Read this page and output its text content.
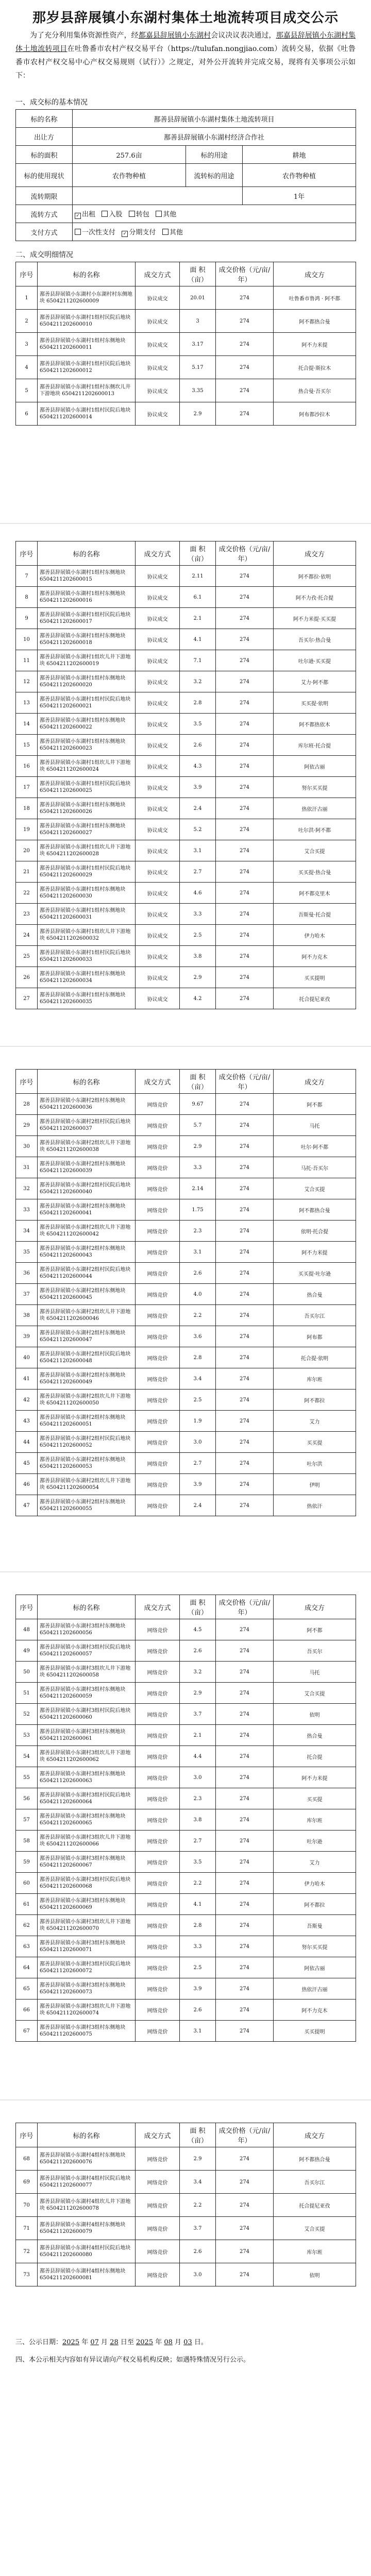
那岁县辞展镇小东湖村集体土地流转项目成交公示
为了充分利用集体资源性资产，经都嘉县辞展镇小东湖村会议决议表决通过，那嘉县辞展镇小东湖村集体土地流转项目在吐鲁番市农村产权交易平台（https://tulufan.nongjiao.com）流转交易，依据《吐鲁番市农村产权交易中心产权交易规则（试行）》之规定，对外公开流转并完成交易，现将有关事项公示如下：
一、成交标的基本情况
标的名称	鄯善县辞展镇小东湖村集体土地流转项目		
出让方	鄯善县辞展镇小东湖村经济合作社		
标的面积	257.6亩	标的用途	耕地
标的使用现状	农作物种植	流转标的用途	农作物种植
流转期限			1年
流转方式	✓ 出租 入股 转包 其他		
支付方式	一次性支付 ✓ 分期支付 其他		
二、成交明细情况
序号	标的名称	成交方式	面 积（亩）	成交价格（元/亩/年）	成交方
1	鄯善县辞展镇小东湖村小东湖村村东侧地块 6504211202600009	协议成交	20.01	274	吐鲁番市鲁鸿 · 阿不都
2	鄯善县辞展镇小东湖村1组村民院后地块 6504211202600010	协议成交	3	274	阿不都热合曼
3	鄯善县辞展镇小东湖村1组村东侧地块 6504211202600011	协议成交	3.17	274	阿不力米提
4	鄯善县辞展镇小东湖村1组村民院后地块 6504211202600012	协议成交	5.17	274	托合提·斯拉木
5	鄯善县辞展镇小东湖村1组村东侧坎儿井下游地块 6504211202600013	协议成交	3.35	274	热合曼·吾买尔
6	鄯善县辞展镇小东湖村1组村民院后地块 6504211202600014	协议成交	2.9	274	阿布都沙拉木
序号	标的名称	成交方式	面 积（亩）	成交价格（元/亩/年）	成交方
7	鄯善县辞展镇小东湖村1组村东侧地块 6504211202600015	协议成交	2.11	274	阿不都拉·依明
8	鄯善县辞展镇小东湖村1组村东侧地块 6504211202600016	协议成交	6.1	274	阿不力孜·托合提
9	鄯善县辞展镇小东湖村1组村民院后地块 6504211202600017	协议成交	2.1	274	阿不力米提·买买提
10	鄯善县辞展镇小东湖村1组村东侧地块 6504211202600018	协议成交	4.1	274	吾买尔·热合曼
11	鄯善县辞展镇小东湖村1组坎儿井下游地块 6504211202600019	协议成交	7.1	274	吐尔逊·买买提
12	鄯善县辞展镇小东湖村1组村东侧地块 6504211202600020	协议成交	3.2	274	艾力·阿不都
13	鄯善县辞展镇小东湖村1组村民院后地块 6504211202600021	协议成交	2.8	274	买买提·依明
14	鄯善县辞展镇小东湖村1组村东侧地块 6504211202600022	协议成交	3.5	274	阿不都热依木
15	鄯善县辞展镇小东湖村1组村东侧地块 6504211202600023	协议成交	2.6	274	库尔班·托合提
16	鄯善县辞展镇小东湖村1组坎儿井下游地块 6504211202600024	协议成交	4.3	274	阿依古丽
17	鄯善县辞展镇小东湖村1组村民院后地块 6504211202600025	协议成交	3.9	274	努尔买买提
18	鄯善县辞展镇小东湖村1组村东侧地块 6504211202600026	协议成交	2.4	274	热依汗古丽
19	鄯善县辞展镇小东湖村1组村东侧地块 6504211202600027	协议成交	5.2	274	吐尔洪·阿不都
20	鄯善县辞展镇小东湖村1组坎儿井下游地块 6504211202600028	协议成交	3.1	274	艾合买提
21	鄯善县辞展镇小东湖村1组村民院后地块 6504211202600029	协议成交	2.7	274	买买提·热合曼
22	鄯善县辞展镇小东湖村1组村东侧地块 6504211202600030	协议成交	4.6	274	阿不都克里木
23	鄯善县辞展镇小东湖村1组村东侧地块 6504211202600031	协议成交	3.3	274	吾斯曼·托合提
24	鄯善县辞展镇小东湖村1组坎儿井下游地块 6504211202600032	协议成交	2.5	274	伊力哈木
25	鄯善县辞展镇小东湖村1组村民院后地块 6504211202600033	协议成交	3.8	274	阿不力克木
26	鄯善县辞展镇小东湖村1组村东侧地块 6504211202600034	协议成交	2.9	274	买买提明
27	鄯善县辞展镇小东湖村1组村东侧地块 6504211202600035	协议成交	4.2	274	托合提尼亚孜
序号	标的名称	成交方式	面 积（亩）	成交价格（元/亩/年）	成交方
28	鄯善县辞展镇小东湖村2组村东侧地块 6504211202600036	网络竞价	9.67	274	阿不都
29	鄯善县辞展镇小东湖村2组村民院后地块 6504211202600037	网络竞价	5.7	274	马托
30	鄯善县辞展镇小东湖村2组坎儿井下游地块 6504211202600038	网络竞价	2.9	274	吐尔·阿不都
31	鄯善县辞展镇小东湖村2组村东侧地块 6504211202600039	网络竞价	3.3	274	马托·吾买尔
32	鄯善县辞展镇小东湖村2组村民院后地块 6504211202600040	网络竞价	2.14	274	艾合买提
33	鄯善县辞展镇小东湖村2组村东侧地块 6504211202600041	网络竞价	1.75	274	阿不都热合曼
34	鄯善县辞展镇小东湖村2组坎儿井下游地块 6504211202600042	网络竞价	2.3	274	依明·托合提
35	鄯善县辞展镇小东湖村2组村东侧地块 6504211202600043	网络竞价	3.1	274	阿不力米提
36	鄯善县辞展镇小东湖村2组村民院后地块 6504211202600044	网络竞价	2.6	274	买买提·吐尔逊
37	鄯善县辞展镇小东湖村2组村东侧地块 6504211202600045	网络竞价	4.0	274	热合曼
38	鄯善县辞展镇小东湖村2组坎儿井下游地块 6504211202600046	网络竞价	2.2	274	吾买尔江
39	鄯善县辞展镇小东湖村2组村东侧地块 6504211202600047	网络竞价	3.6	274	阿布都
40	鄯善县辞展镇小东湖村2组村民院后地块 6504211202600048	网络竞价	2.8	274	托合提·依明
41	鄯善县辞展镇小东湖村2组村东侧地块 6504211202600049	网络竞价	3.4	274	库尔班
42	鄯善县辞展镇小东湖村2组坎儿井下游地块 6504211202600050	网络竞价	2.5	274	阿不都拉
43	鄯善县辞展镇小东湖村2组村东侧地块 6504211202600051	网络竞价	1.9	274	艾力
44	鄯善县辞展镇小东湖村2组村民院后地块 6504211202600052	网络竞价	3.0	274	买买提
45	鄯善县辞展镇小东湖村2组村东侧地块 6504211202600053	网络竞价	2.7	274	吐尔洪
46	鄯善县辞展镇小东湖村2组坎儿井下游地块 6504211202600054	网络竞价	3.9	274	伊明
47	鄯善县辞展镇小东湖村2组村东侧地块 6504211202600055	网络竞价	2.4	274	热依汗
序号	标的名称	成交方式	面 积（亩）	成交价格（元/亩/年）	成交方
48	鄯善县辞展镇小东湖村3组村东侧地块 6504211202600056	网络竞价	4.5	274	阿不都
49	鄯善县辞展镇小东湖村3组村民院后地块 6504211202600057	网络竞价	2.6	274	吾买尔
50	鄯善县辞展镇小东湖村3组坎儿井下游地块 6504211202600058	网络竞价	3.2	274	马托
51	鄯善县辞展镇小东湖村3组村东侧地块 6504211202600059	网络竞价	2.9	274	艾合买提
52	鄯善县辞展镇小东湖村3组村民院后地块 6504211202600060	网络竞价	3.7	274	依明
53	鄯善县辞展镇小东湖村3组村东侧地块 6504211202600061	网络竞价	2.1	274	热合曼
54	鄯善县辞展镇小东湖村3组坎儿井下游地块 6504211202600062	网络竞价	4.4	274	托合提
55	鄯善县辞展镇小东湖村3组村东侧地块 6504211202600063	网络竞价	3.0	274	阿不力米提
56	鄯善县辞展镇小东湖村3组村民院后地块 6504211202600064	网络竞价	2.3	274	买买提
57	鄯善县辞展镇小东湖村3组村东侧地块 6504211202600065	网络竞价	3.8	274	库尔班
58	鄯善县辞展镇小东湖村3组坎儿井下游地块 6504211202600066	网络竞价	2.7	274	吐尔逊
59	鄯善县辞展镇小东湖村3组村东侧地块 6504211202600067	网络竞价	3.5	274	艾力
60	鄯善县辞展镇小东湖村3组村民院后地块 6504211202600068	网络竞价	2.2	274	伊力哈木
61	鄯善县辞展镇小东湖村3组村东侧地块 6504211202600069	网络竞价	4.1	274	阿不都拉
62	鄯善县辞展镇小东湖村3组坎儿井下游地块 6504211202600070	网络竞价	2.8	274	吾斯曼
63	鄯善县辞展镇小东湖村3组村东侧地块 6504211202600071	网络竞价	3.3	274	努尔买买提
64	鄯善县辞展镇小东湖村3组村民院后地块 6504211202600072	网络竞价	2.5	274	阿依古丽
65	鄯善县辞展镇小东湖村3组村东侧地块 6504211202600073	网络竞价	3.9	274	热依汗古丽
66	鄯善县辞展镇小东湖村3组坎儿井下游地块 6504211202600074	网络竞价	2.6	274	阿不力克木
67	鄯善县辞展镇小东湖村3组村东侧地块 6504211202600075	网络竞价	3.1	274	买买提明
序号	标的名称	成交方式	面 积（亩）	成交价格（元/亩/年）	成交方
68	鄯善县辞展镇小东湖村4组村东侧地块 6504211202600076	网络竞价	2.9	274	阿不都热合曼
69	鄯善县辞展镇小东湖村4组村民院后地块 6504211202600077	网络竞价	3.4	274	吾买尔江
70	鄯善县辞展镇小东湖村4组坎儿井下游地块 6504211202600078	网络竞价	2.2	274	托合提尼亚孜
71	鄯善县辞展镇小东湖村4组村东侧地块 6504211202600079	网络竞价	3.7	274	艾合买提
72	鄯善县辞展镇小东湖村4组村民院后地块 6504211202600080	网络竞价	2.6	274	库尔班
73	鄯善县辞展镇小东湖村4组村东侧地块 6504211202600081	网络竞价	3.0	274	依明
三、公示日期：2025 年 07 月 28 日至 2025 年 08 月 03 日。
四、本公示相关内容如有异议请向产权交易机构反映；如遇特殊情况另行公示。
